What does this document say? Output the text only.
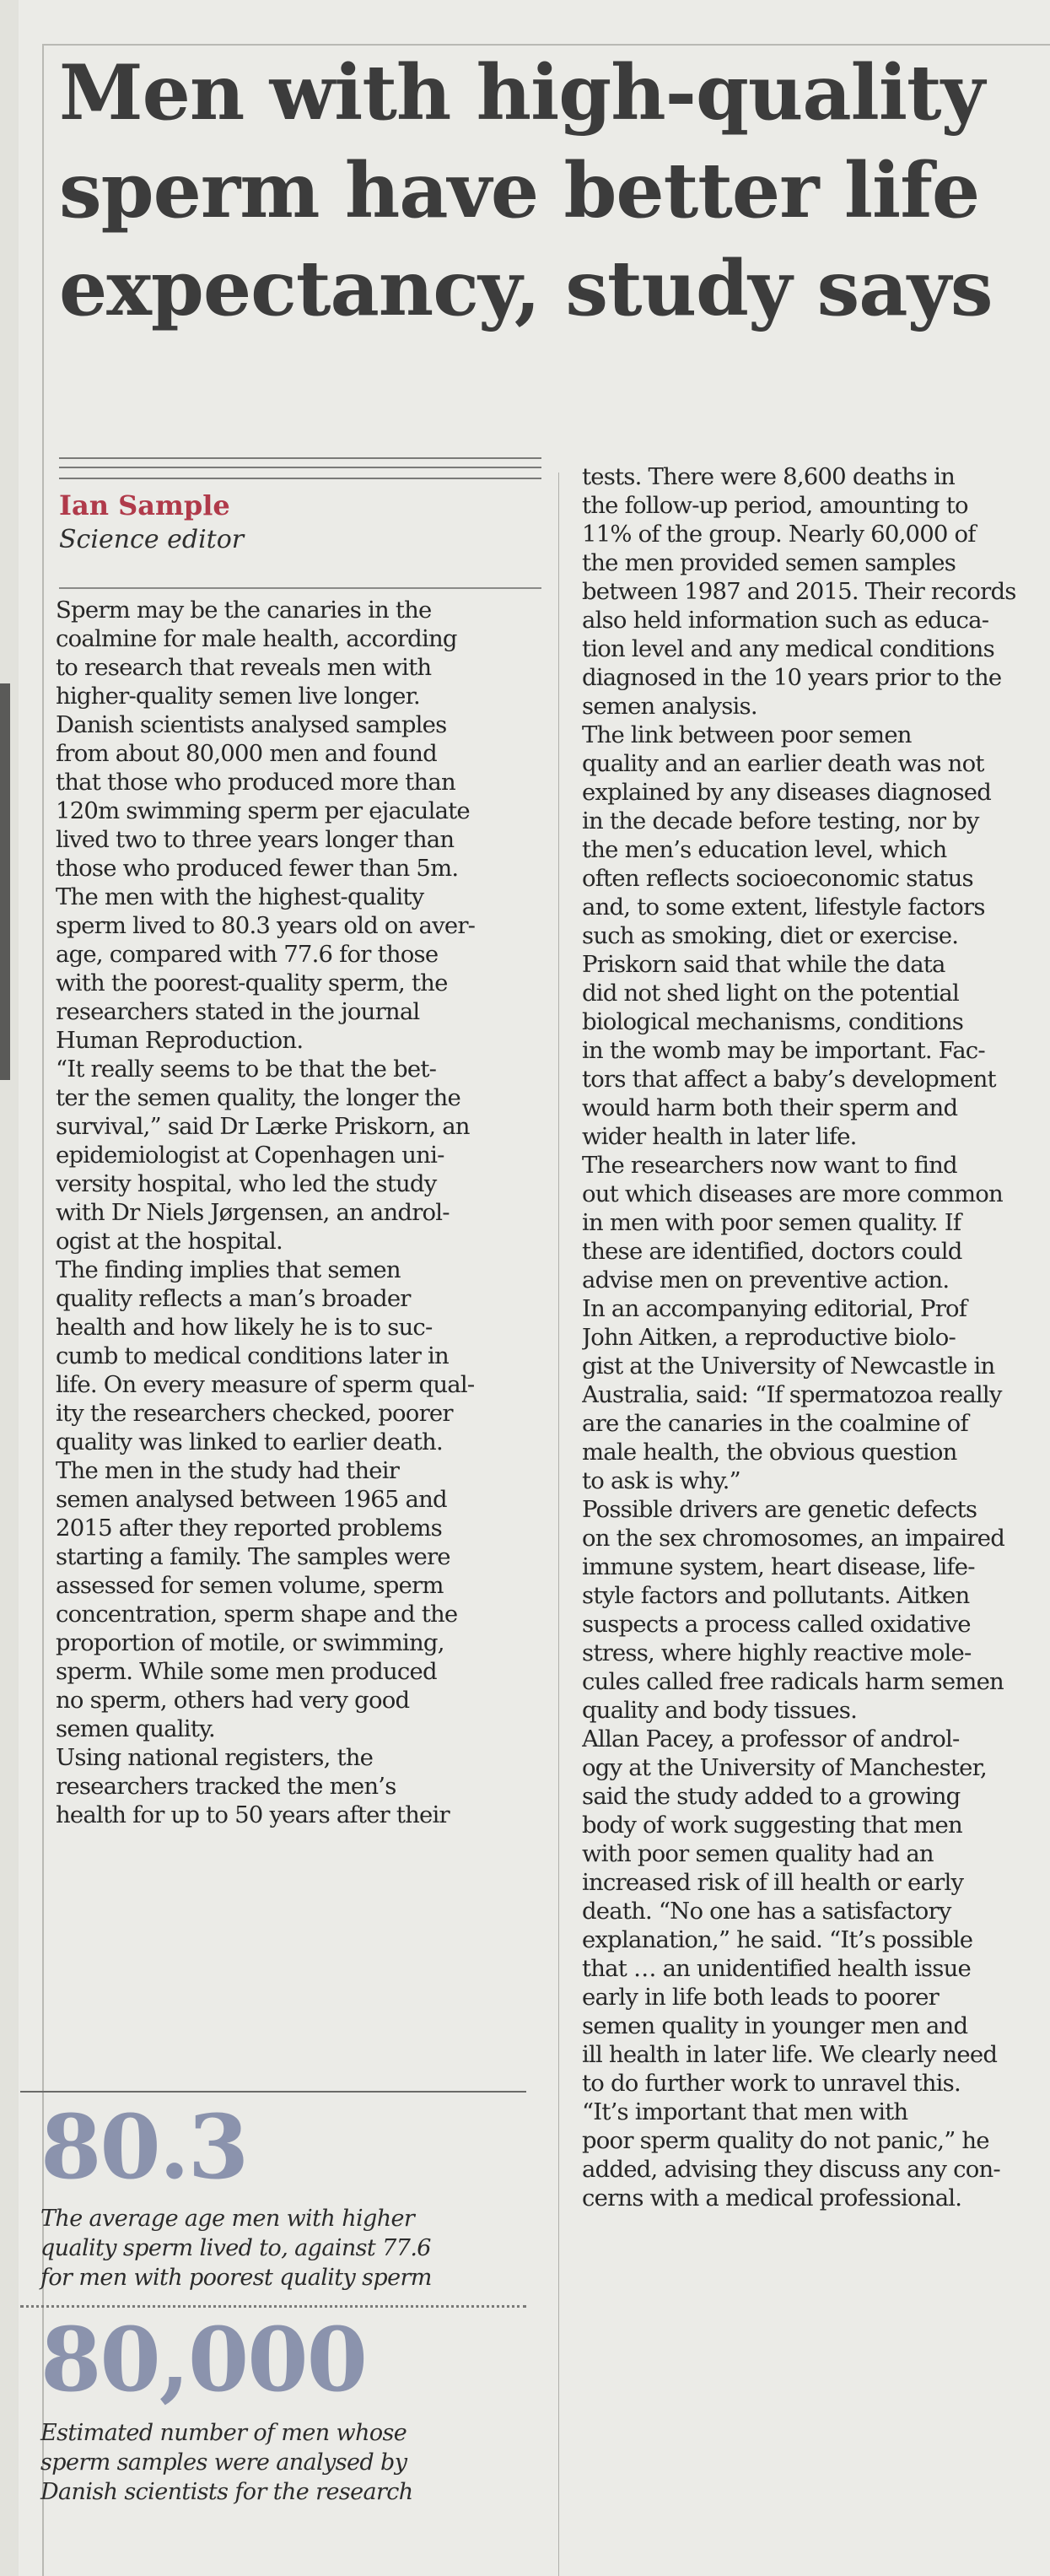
Men with high-quality
sperm have better life
expectancy, study says

Ian Sample

Science editor

Sperm may be the canaries in the
coalmine for male health, according
to research that reveals men with
higher-quality semen live longer.
Danish scientists analysed samples
from about 80,000 men and found
that those who produced more than
120m swimming sperm per ejaculate
lived two to three years longer than
those who produced fewer than 5m.
The men with the highest-quality
sperm lived to 80.3 years old on aver-
age, compared with 77.6 for those
with the poorest-quality sperm, the
researchers stated in the journal
Human Reproduction.
“It really seems to be that the bet-
ter the semen quality, the longer the
survival,” said Dr Lærke Priskorn, an
epidemiologist at Copenhagen uni-
versity hospital, who led the study
with Dr Niels Jørgensen, an androl-
ogist at the hospital.
The finding implies that semen
quality reflects a man’s broader
health and how likely he is to suc-
cumb to medical conditions later in
life. On every measure of sperm qual-
ity the researchers checked, poorer
quality was linked to earlier death.
The men in the study had their
semen analysed between 1965 and
2015 after they reported problems
starting a family. The samples were
assessed for semen volume, sperm
concentration, sperm shape and the
proportion of motile, or swimming,
sperm. While some men produced
no sperm, others had very good
semen quality.
Using national registers, the
researchers tracked the men’s
health for up to 50 years after their

tests. There were 8,600 deaths in
the follow-up period, amounting to
11% of the group. Nearly 60,000 of
the men provided semen samples
between 1987 and 2015. Their records
also held information such as educa-
tion level and any medical conditions
diagnosed in the 10 years prior to the
semen analysis.
The link between poor semen
quality and an earlier death was not
explained by any diseases diagnosed
in the decade before testing, nor by
the men’s education level, which
often reflects socioeconomic status
and, to some extent, lifestyle factors
such as smoking, diet or exercise.
Priskorn said that while the data
did not shed light on the potential
biological mechanisms, conditions
in the womb may be important. Fac-
tors that affect a baby’s development
would harm both their sperm and
wider health in later life.
The researchers now want to find
out which diseases are more common
in men with poor semen quality. If
these are identified, doctors could
advise men on preventive action.
In an accompanying editorial, Prof
John Aitken, a reproductive biolo-
gist at the University of Newcastle in
Australia, said: “If spermatozoa really
are the canaries in the coalmine of
male health, the obvious question
to ask is why.”
Possible drivers are genetic defects
on the sex chromosomes, an impaired
immune system, heart disease, life-
style factors and pollutants. Aitken
suspects a process called oxidative
stress, where highly reactive mole-
cules called free radicals harm semen
quality and body tissues.
Allan Pacey, a professor of androl-
ogy at the University of Manchester,
said the study added to a growing
body of work suggesting that men
with poor semen quality had an
increased risk of ill health or early
death. “No one has a satisfactory
explanation,” he said. “It’s possible
that … an unidentified health issue
early in life both leads to poorer
semen quality in younger men and
ill health in later life. We clearly need
to do further work to unravel this.
“It’s important that men with
poor sperm quality do not panic,” he
added, advising they discuss any con-
cerns with a medical professional.

80.3

The average age men with higher
quality sperm lived to, against 77.6
for men with poorest quality sperm

80,000

Estimated number of men whose
sperm samples were analysed by
Danish scientists for the research
